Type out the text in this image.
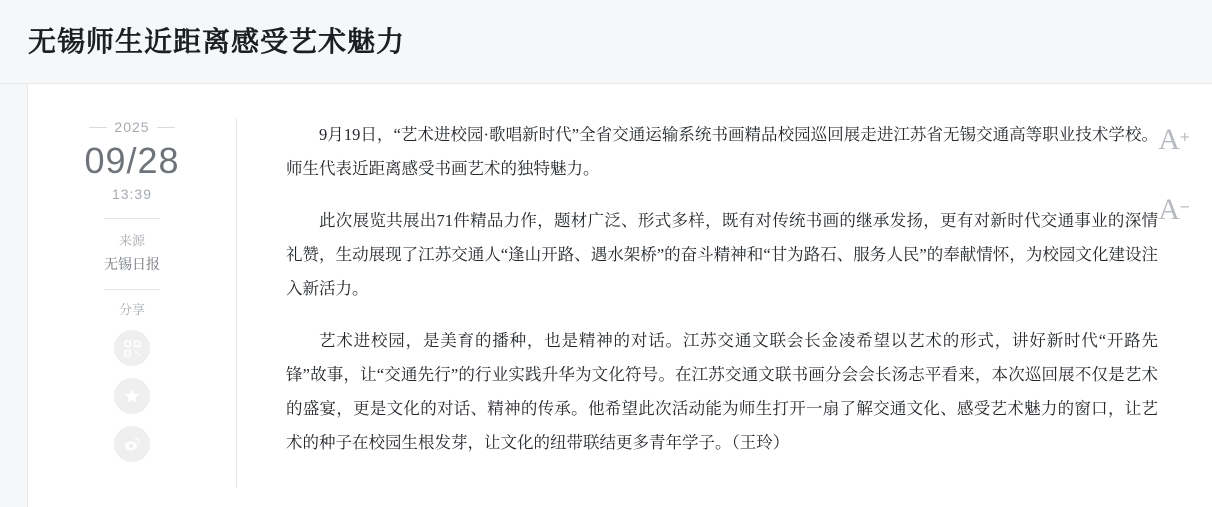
无锡师生近距离感受艺术魅力
2025
09/28
13:39
来源
无锡日报
分享

9月19日，“艺术进校园·歌唱新时代”全省交通运输系统书画精品校园巡回展走进江苏省无锡交通高等职业技术学校。师生代表近距离感受书画艺术的独特魅力。

此次展览共展出71件精品力作，题材广泛、形式多样，既有对传统书画的继承发扬，更有对新时代交通事业的深情礼赞，生动展现了江苏交通人“逢山开路、遇水架桥”的奋斗精神和“甘为路石、服务人民”的奉献情怀，为校园文化建设注入新活力。

艺术进校园，是美育的播种，也是精神的对话。江苏交通文联会长金凌希望以艺术的形式，讲好新时代“开路先锋”故事，让“交通先行”的行业实践升华为文化符号。在江苏交通文联书画分会会长汤志平看来，本次巡回展不仅是艺术的盛宴，更是文化的对话、精神的传承。他希望此次活动能为师生打开一扇了解交通文化、感受艺术魅力的窗口，让艺术的种子在校园生根发芽，让文化的纽带联结更多青年学子。（王玲）

A+
A−
